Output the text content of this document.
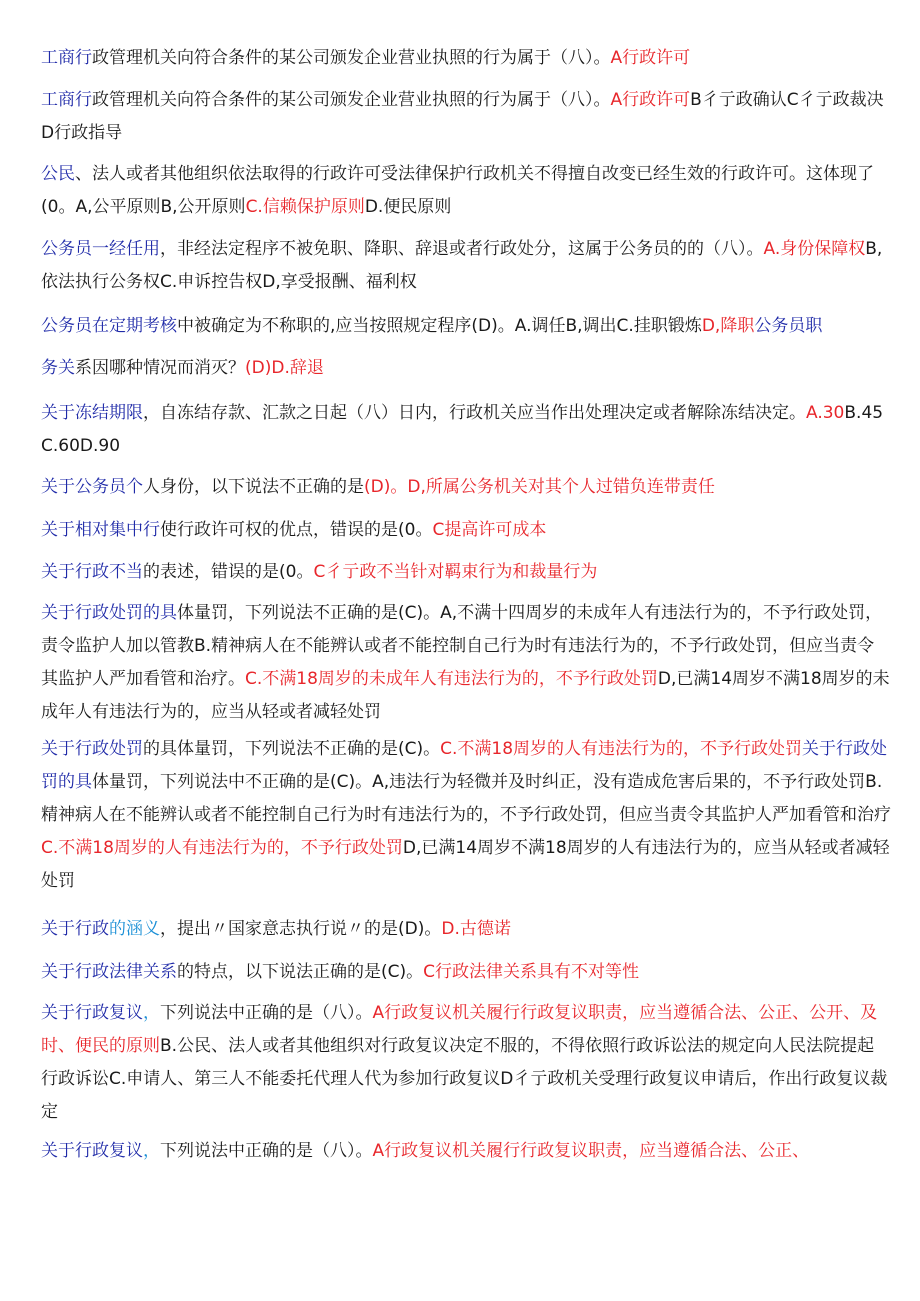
工商行政管理机关向符合条件的某公司颁发企业营业执照的行为属于（八）。A行政许可

工商行政管理机关向符合条件的某公司颁发企业营业执照的行为属于（八）。A行政许可B彳亍政确认C彳亍政裁决D行政指导

公民、法人或者其他组织依法取得的行政许可受法律保护行政机关不得擅自改变已经生效的行政许可。这体现了(0。A,公平原则B,公开原则C.信赖保护原则D.便民原则

公务员一经任用，非经法定程序不被免职、降职、辞退或者行政处分，这属于公务员的的（八）。A.身份保障权B,依法执行公务权C.申诉控告权D,享受报酬、福利权

公务员在定期考核中被确定为不称职的,应当按照规定程序(D)。A.调任B,调出C.挂职锻炼D,降职公务员职

务关系因哪种情况而消灭？(D)D.辞退

关于冻结期限，自冻结存款、汇款之日起（八）日内，行政机关应当作出处理决定或者解除冻结决定。A.30B.45C.60D.90

关于公务员个人身份，以下说法不正确的是(D)。D,所属公务机关对其个人过错负连带责任

关于相对集中行使行政许可权的优点，错误的是(0。C提高许可成本

关于行政不当的表述，错误的是(0。C彳亍政不当针对羁束行为和裁量行为

关于行政处罚的具体量罚，下列说法不正确的是(C)。A,不满十四周岁的未成年人有违法行为的，不予行政处罚，责令监护人加以管教B.精神病人在不能辨认或者不能控制自己行为时有违法行为的，不予行政处罚，但应当责令其监护人严加看管和治疗。C.不满18周岁的未成年人有违法行为的，不予行政处罚D,已满14周岁不满18周岁的未成年人有违法行为的，应当从轻或者减轻处罚

关于行政处罚的具体量罚，下列说法不正确的是(C)。C.不满18周岁的人有违法行为的，不予行政处罚关于行政处罚的具体量罚，下列说法中不正确的是(C)。A,违法行为轻微并及时纠正，没有造成危害后果的，不予行政处罚B.精神病人在不能辨认或者不能控制自己行为时有违法行为的，不予行政处罚，但应当责令其监护人严加看管和治疗C.不满18周岁的人有违法行为的，不予行政处罚D,已满14周岁不满18周岁的人有违法行为的，应当从轻或者减轻处罚

关于行政的涵义，提出〃国家意志执行说〃的是(D)。D.古德诺

关于行政法律关系的特点，以下说法正确的是(C)。C行政法律关系具有不对等性

关于行政复议，下列说法中正确的是（八）。A行政复议机关履行行政复议职责，应当遵循合法、公正、公开、及时、便民的原则B.公民、法人或者其他组织对行政复议决定不服的，不得依照行政诉讼法的规定向人民法院提起行政诉讼C.申请人、第三人不能委托代理人代为参加行政复议D彳亍政机关受理行政复议申请后，作出行政复议裁定

关于行政复议，下列说法中正确的是（八）。A行政复议机关履行行政复议职责，应当遵循合法、公正、
